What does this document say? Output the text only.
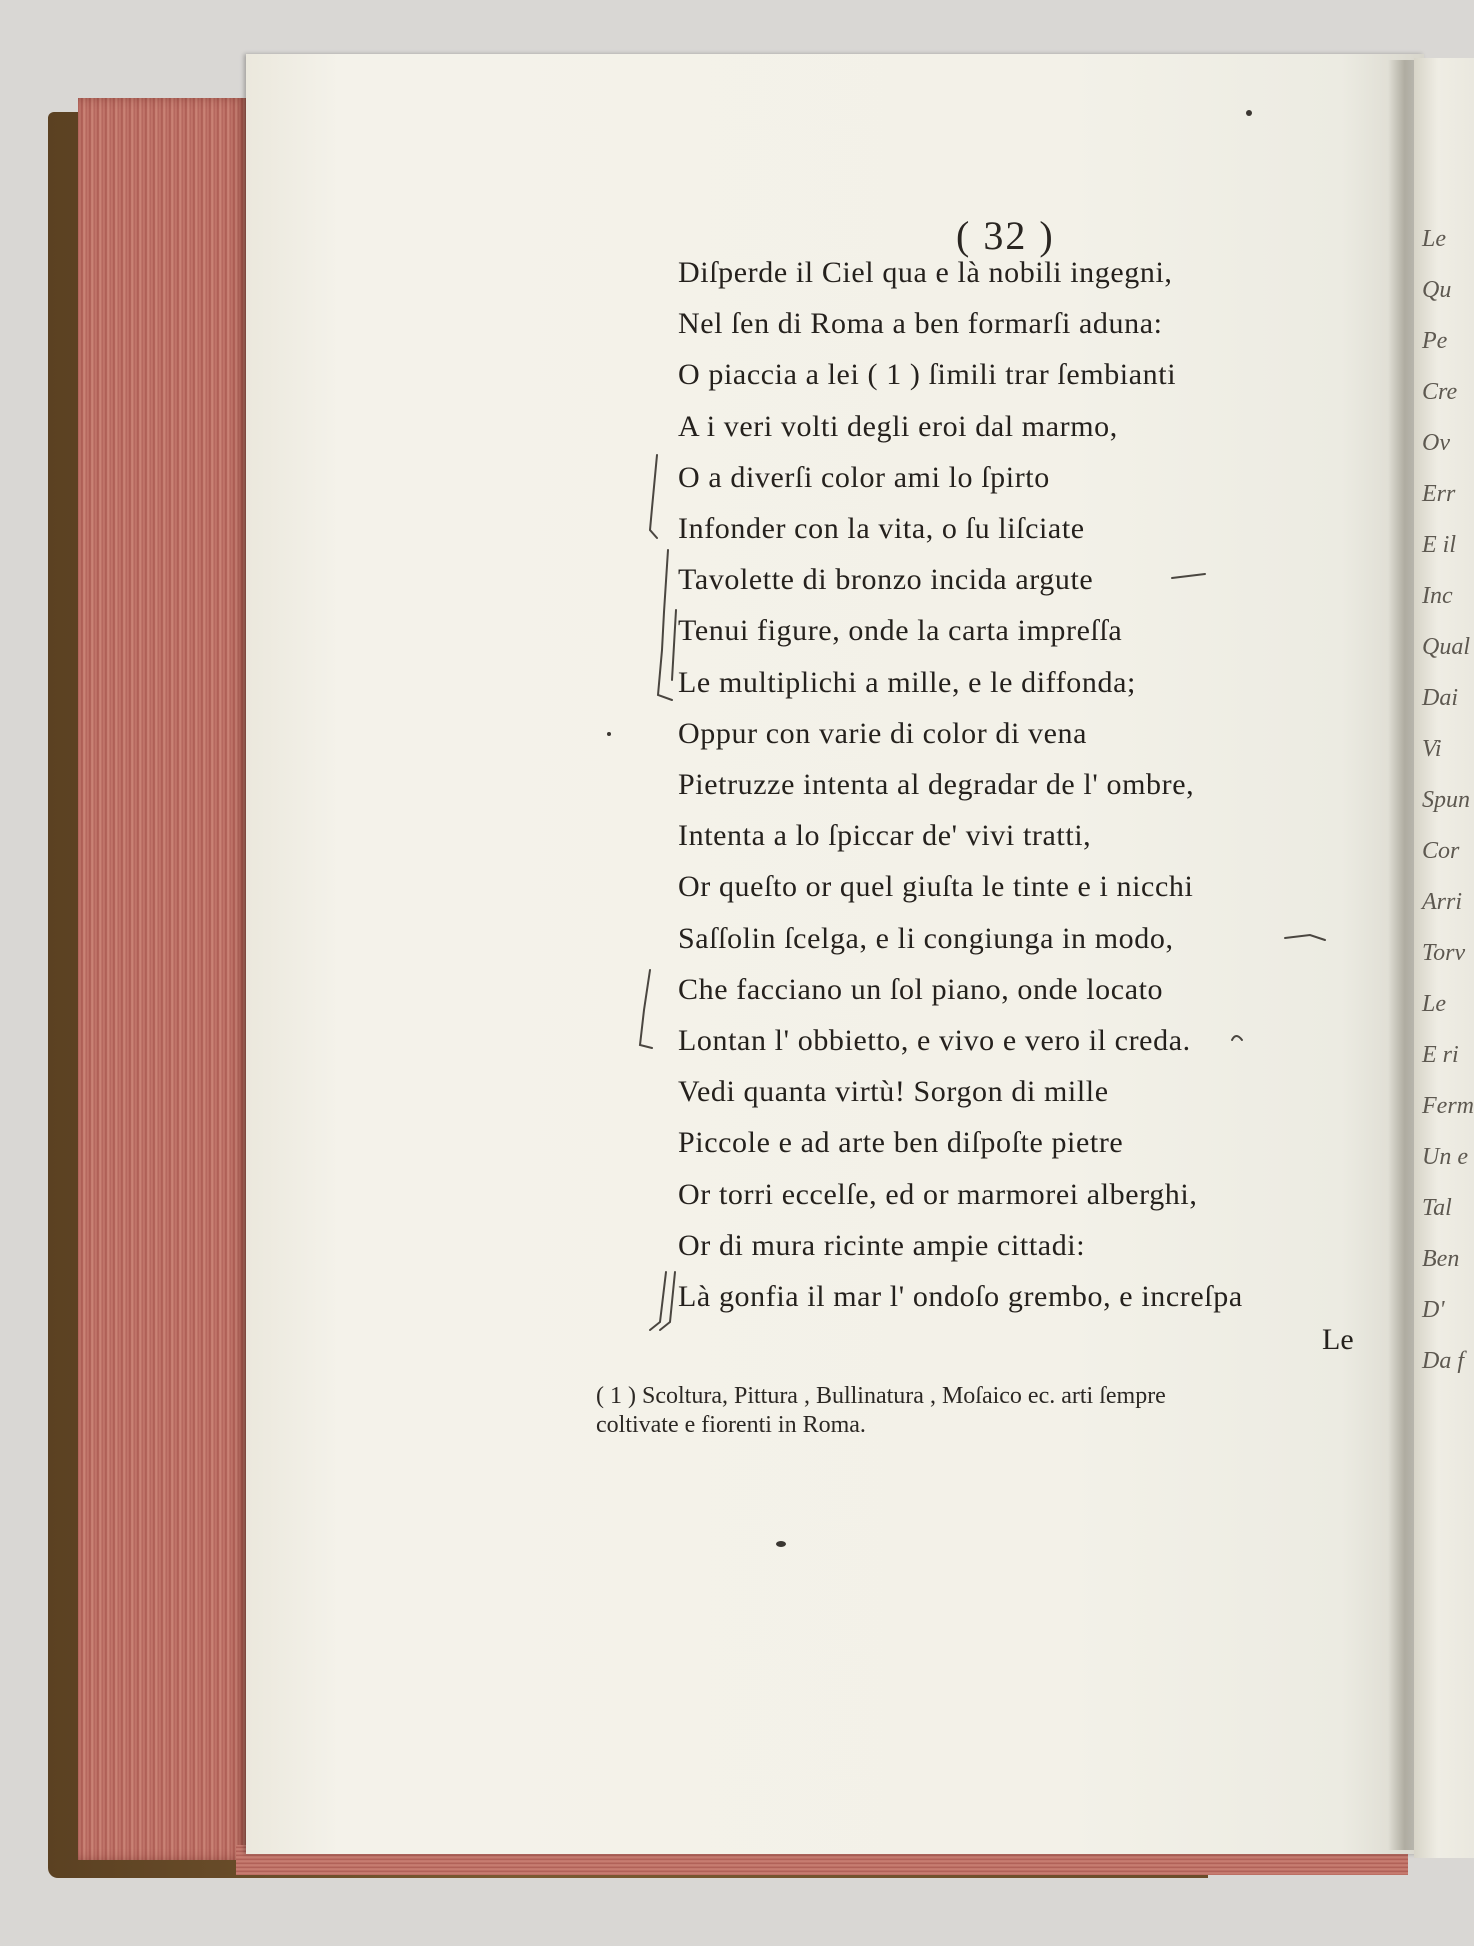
Le
Qu
Pe
Cre
Ov
Err
E il
Inc
Qual
Dai
Vi
Spun
Cor
Arri
Torv
Le
E ri
Ferm
Un e
Tal
Ben
D'
Da f
( 32 )
Diſperde il Ciel qua e là nobili ingegni,
Nel ſen di Roma a ben formarſi aduna:
O piaccia a lei ( 1 ) ſimili trar ſembianti
A i veri volti degli eroi dal marmo,
O a diverſi color ami lo ſpirto
Infonder con la vita, o ſu liſciate
Tavolette di bronzo incida argute
Tenui figure, onde la carta impreſſa
Le multiplichi a mille, e le diffonda;
Oppur con varie di color di vena
Pietruzze intenta al degradar de l' ombre,
Intenta a lo ſpiccar de' vivi tratti,
Or queſto or quel giuſta le tinte e i nicchi
Saſſolin ſcelga, e li congiunga in modo,
Che facciano un ſol piano, onde locato
Lontan l' obbietto, e vivo e vero il creda.
Vedi quanta virtù! Sorgon di mille
Piccole e ad arte ben diſpoſte pietre
Or torri eccelſe, ed or marmorei alberghi,
Or di mura ricinte ampie cittadi:
Là gonfia il mar l' ondoſo grembo, e increſpa
Le
( 1 ) Scoltura, Pittura , Bullinatura , Moſaico ec. arti ſempre
coltivate e fiorenti in Roma.
